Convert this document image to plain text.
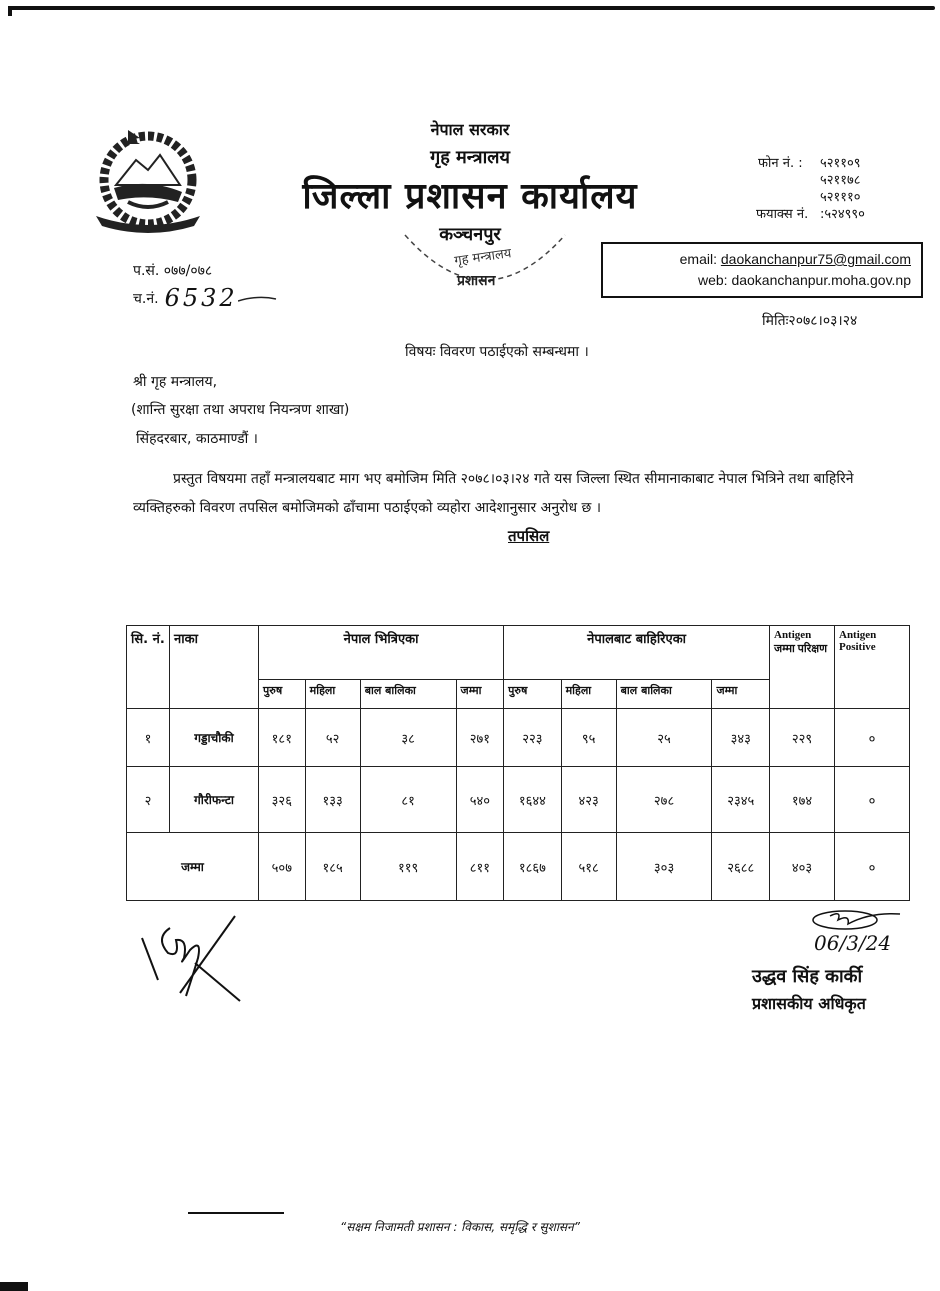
नेपाल सरकार
गृह मन्त्रालय
जिल्ला प्रशासन कार्यालय
कञ्चनपुर
गृह मन्त्रालय
प्रशासन
फोन नं. :	५२११०९
५२११७८
५२१११०
फयाक्स नं. :५२४९९०
email: daokanchanpur75@gmail.com
web: daokanchanpur.moha.gov.np
प.सं. ०७७/०७८
च.नं. 6532
मितिः२०७८।०३।२४
विषयः विवरण पठाईएको सम्बन्धमा ।
श्री गृह मन्त्रालय,
(शान्ति सुरक्षा तथा अपराध नियन्त्रण शाखा)
सिंहदरबार, काठमाण्डौं ।
प्रस्तुत विषयमा तहाँ मन्त्रालयबाट माग भए बमोजिम मिति २०७८।०३।२४ गते यस जिल्ला स्थित सीमानाकाबाट नेपाल भित्रिने तथा बाहिरिने व्यक्तिहरुको विवरण तपसिल बमोजिमको ढाँचामा पठाईएको व्यहोरा आदेशानुसार अनुरोध छ ।
तपसिल
सि. नं.	नाका	नेपाल भित्रिएका				नेपालबाट बाहिरिएका				Antigen जम्मा परिक्षण	Antigen Positive
		पुरुष	महिला	बाल बालिका	जम्मा	पुरुष	महिला	बाल बालिका	जम्मा		
१	गड्डाचौकी	१८१	५२	३८	२७१	२२३	९५	२५	३४३	२२९	०
२	गौरीफन्टा	३२६	१३३	८१	५४०	१६४४	४२३	२७८	२३४५	१७४	०
जम्मा		५०७	१८५	११९	८११	१८६७	५१८	३०३	२६८८	४०३	०
06/3/24
उद्धव सिंह कार्की
प्रशासकीय अधिकृत
“सक्षम निजामती प्रशासन : विकास, समृद्धि र सुशासन”
